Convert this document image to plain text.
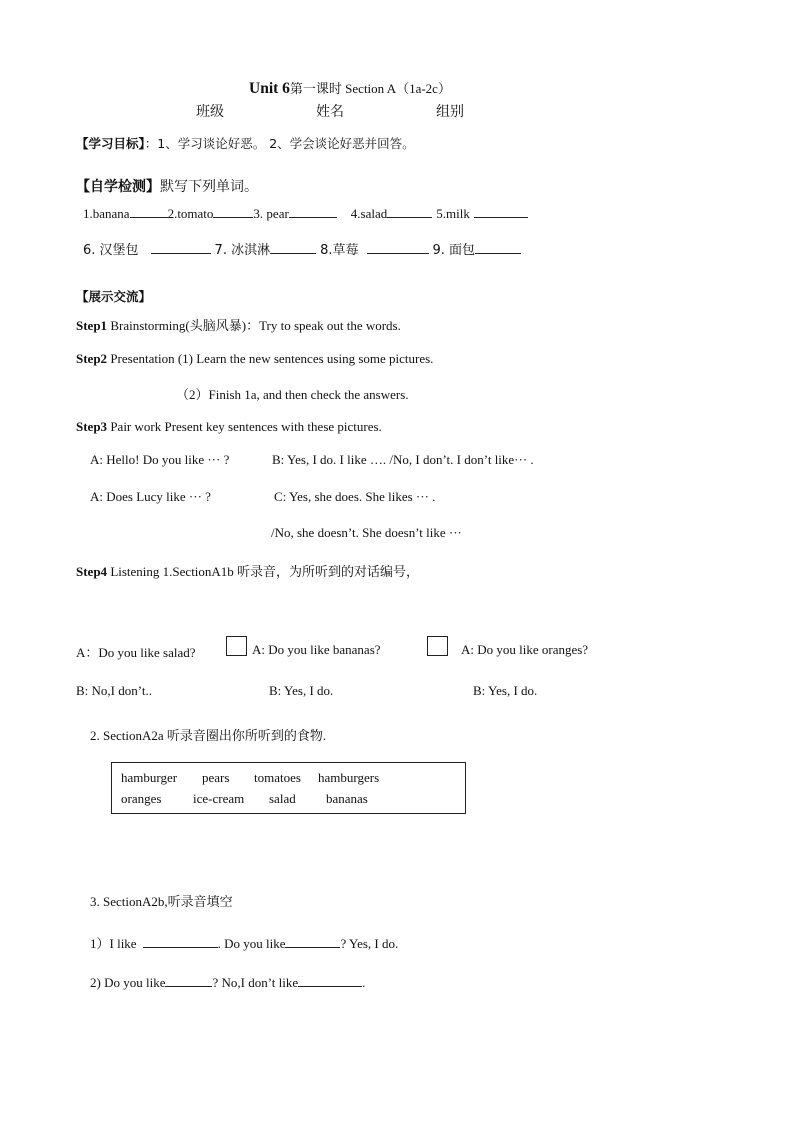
Unit 6第一课时 Section A（1a-2c）
班级	姓名	组别
【学习目标】：1、学习谈论好恶。 2、学会谈论好恶并回答。
【自学检测】默写下列单词。
1.banana	2.tomato	3. pear	4.salad	5.milk
6. 汉堡包	7. 冰淇淋	8.草莓	9. 面包
【展示交流】
Step1 Brainstorming(头脑风暴)：Try to speak out the words.
Step2 Presentation (1) Learn the new sentences using some pictures.
（2）Finish 1a, and then check the answers.
Step3 Pair work Present key sentences with these pictures.
A: Hello! Do you like ··· ?	B: Yes, I do. I like …. /No, I don’t. I don’t like··· .
A: Does Lucy like ··· ?	C: Yes, she does. She likes ··· .
/No, she doesn’t. She doesn’t like ···
Step4 Listening 1.SectionA1b 听录音，为所听到的对话编号，
A：Do you like salad?	A: Do you like bananas?	A: Do you like oranges?
B: No,I don’t..	B: Yes, I do.	B: Yes, I do.
2. SectionA2a 听录音圈出你所听到的食物.
hamburger pears tomatoes hamburgers
oranges ice-cream salad bananas
3. SectionA2b,听录音填空
1）I like	. Do you like	? Yes, I do.
2) Do you like	? No,I don’t like	.
